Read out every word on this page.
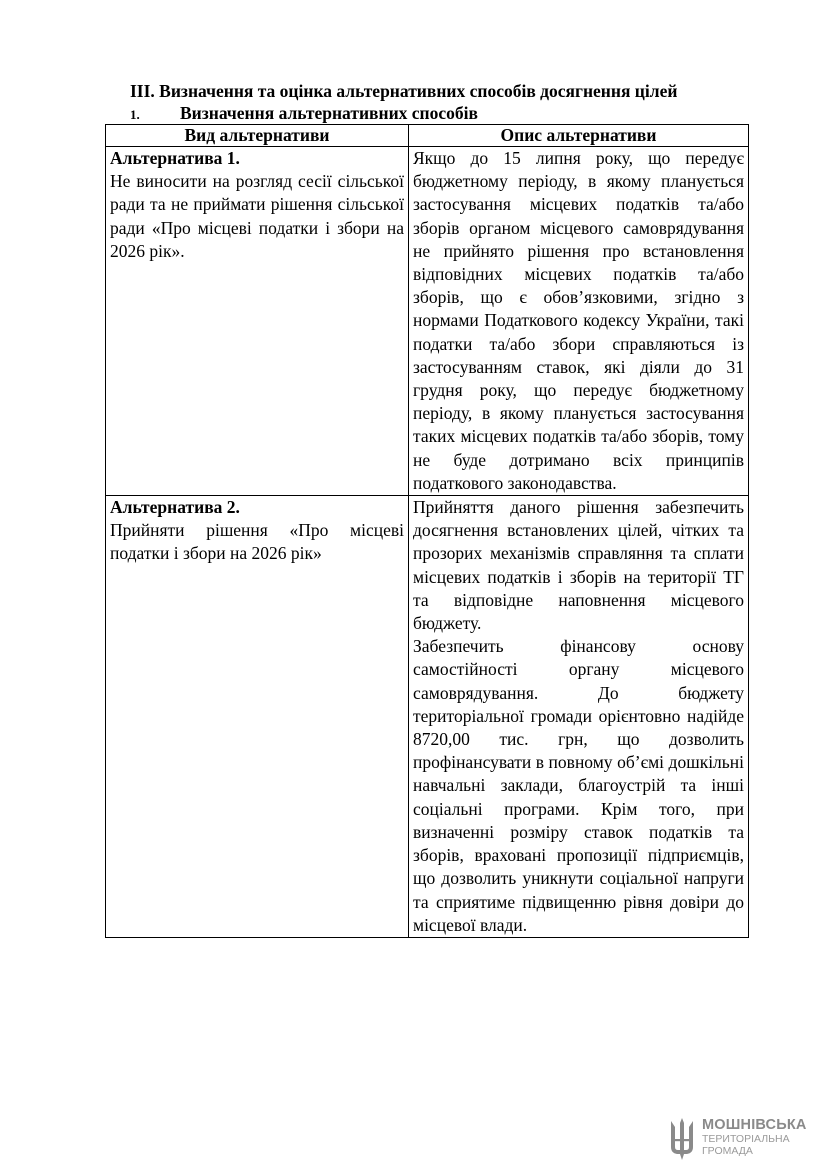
ІІІ. Визначення та оцінка альтернативних способів досягнення цілей
1. Визначення альтернативних способів
Вид альтернативи	Опис альтернативи

Альтернатива 1.
Не виносити на розгляд сесії сільської ради та не приймати рішення сільської ради «Про місцеві податки і збори на 2026 рік».	Якщо до 15 липня року, що передує бюджетному періоду, в якому планується застосування місцевих податків та/або зборів органом місцевого самоврядування не прийнято рішення про встановлення відповідних місцевих податків та/або зборів, що є обов’язковими, згідно з нормами Податкового кодексу України, такі податки та/або збори справляються із застосуванням ставок, які діяли до 31 грудня року, що передує бюджетному періоду, в якому планується застосування таких місцевих податків та/або зборів, тому не буде дотримано всіх принципів податкового законодавства.

Альтернатива 2.
Прийняти рішення «Про місцеві податки і збори на 2026 рік»	Прийняття даного рішення забезпечить досягнення встановлених цілей, чітких та прозорих механізмів справляння та сплати місцевих податків і зборів на території ТГ та відповідне наповнення місцевого бюджету.
Забезпечить фінансову основу самостійності органу місцевого самоврядування. До бюджету територіальної громади орієнтовно надійде 8720,00 тис. грн, що дозволить профінансувати в повному об’ємі дошкільні навчальні заклади, благоустрій та інші соціальні програми. Крім того, при визначенні розміру ставок податків та зборів, враховані пропозиції підприємців, що дозволить уникнути соціальної напруги та сприятиме підвищенню рівня довіри до місцевої влади.
МОШНІВСЬКА
ТЕРИТОРІАЛЬНА
ГРОМАДА
